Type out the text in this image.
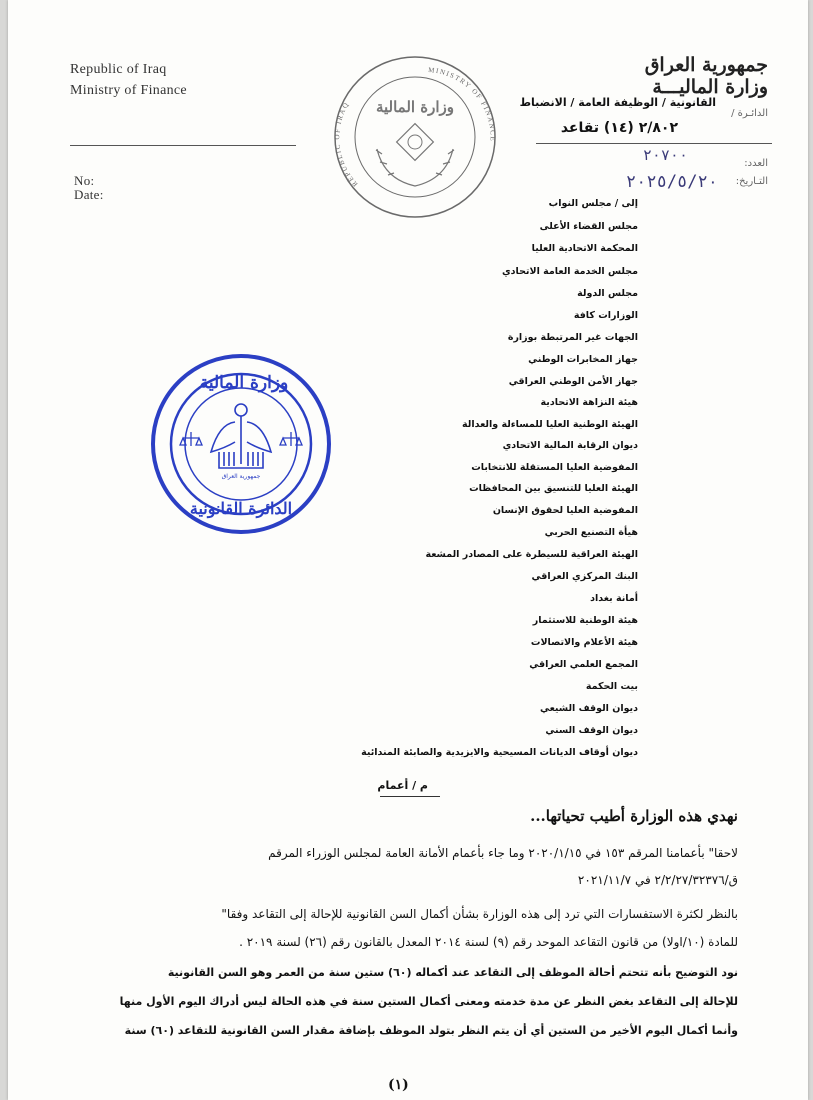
Republic of Iraq
Ministry of Finance
No:
Date:
جمهورية العراق
وزارة الماليـــة
الدائـرة /
القانونية / الوظيفة العامة / الانضباط
٢/٨٠٢ (١٤) تقاعد
العدد:
التـاريخ:
٢٠٧٠٠
٢٠٢٥/٥/٢٠
REPUBLIC OF IRAQ
MINISTRY OF FINANCE
وزارة المالية
وزارة المالية
الدائرة القانونية
جمهورية العراق
إلى / مجلس النواب
مجلس القضاء الأعلى
المحكمة الاتحادية العليا
مجلس الخدمة العامة الاتحادي
مجلس الدولة
الوزارات كافة
الجهات غير المرتبطة بوزارة
جهاز المخابرات الوطني
جهاز الأمن الوطني العراقي
هيئة النزاهة الاتحادية
الهيئة الوطنية العليا للمساءلة والعدالة
ديوان الرقابة المالية الاتحادي
المفوضية العليا المستقلة للانتخابات
الهيئة العليا للتنسيق بين المحافظات
المفوضية العليا لحقوق الإنسان
هيأة التصنيع الحربي
الهيئة العراقية للسيطرة على المصادر المشعة
البنك المركزي العراقي
أمانة بغداد
هيئة الوطنية للاستثمار
هيئة الأعلام والاتصالات
المجمع العلمي العراقي
بيت الحكمة
ديوان الوقف الشيعي
ديوان الوقف السني
ديوان أوقاف الديانات المسيحية والايزيدية والصابئة المندائية
م / أعمام
نهدي هذه الوزارة أطيب تحياتها...
لاحقا" بأعمامنا المرقم ١٥٣ في ٢٠٢٠/١/١٥ وما جاء بأعمام الأمانة العامة لمجلس الوزراء المرقم
ق/٢/٢/٢٧/٣٢٣٧٦ في ٢٠٢١/١١/٧
بالنظر لكثرة الاستفسارات التي ترد إلى هذه الوزارة بشأن أكمال السن القانونية للإحالة إلى التقاعد وفقا"
للمادة (١٠/اولا) من قانون التقاعد الموحد رقم (٩) لسنة ٢٠١٤ المعدل بالقانون رقم (٢٦) لسنة ٢٠١٩ .
نود التوضيح بأنه تتحتم أحالة الموظف إلى التقاعد عند أكماله (٦٠) ستين سنة من العمر وهو السن القانونية
للإحالة إلى التقاعد بغض النظر عن مدة خدمته ومعنى أكمال الستين سنة في هذه الحالة ليس أدراك اليوم الأول منها
وأنما أكمال اليوم الأخير من الستين أي أن يتم النظر بتولد الموظف بإضافة مقدار السن القانونية للتقاعد (٦٠) سنة
(١)
